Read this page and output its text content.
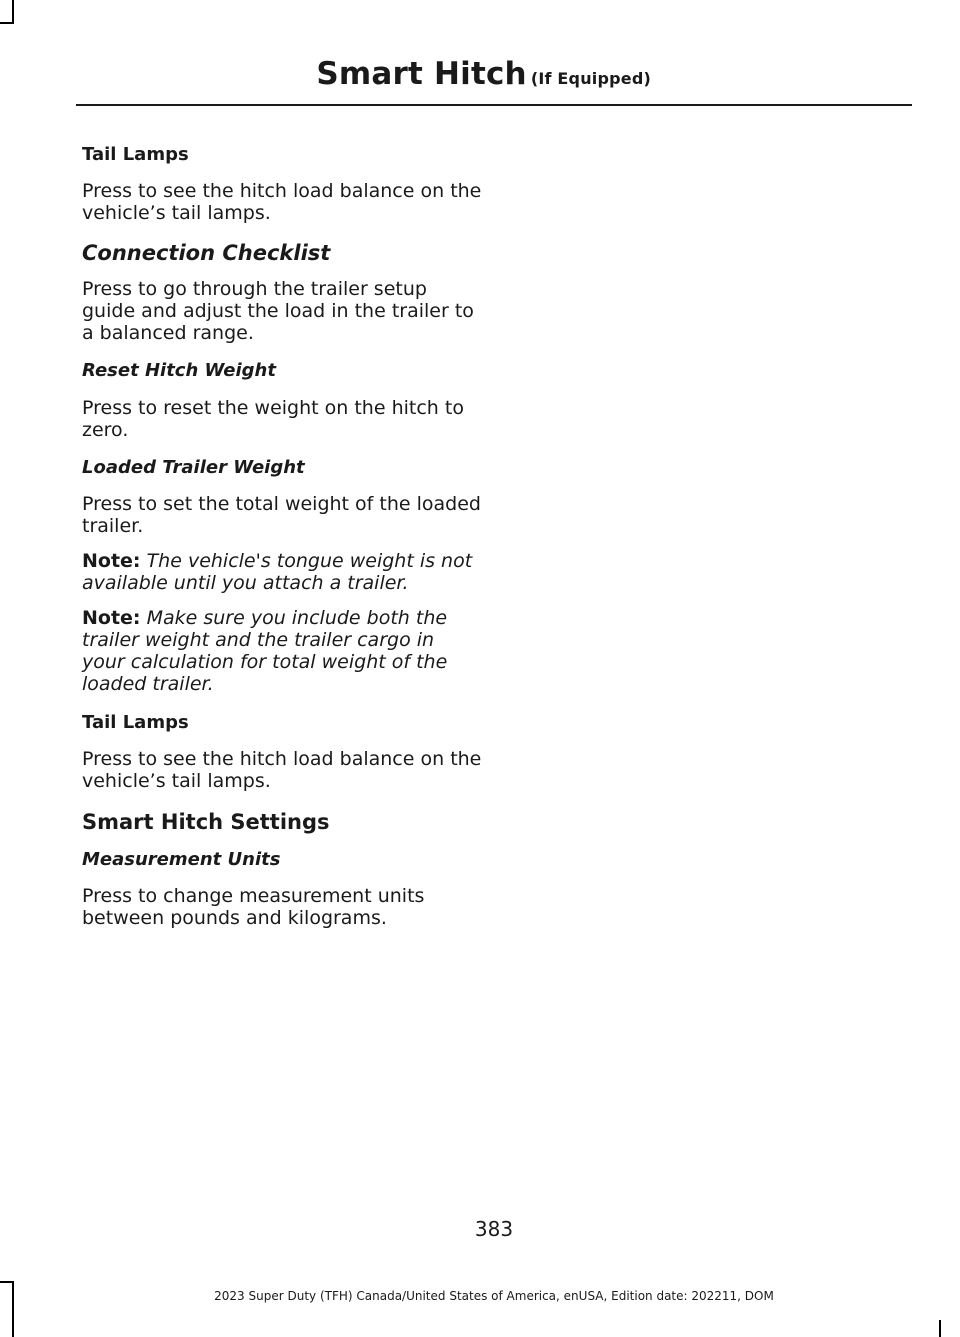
Smart Hitch (If Equipped)

Tail Lamps

Press to see the hitch load balance on the vehicle’s tail lamps.

Connection Checklist

Press to go through the trailer setup guide and adjust the load in the trailer to a balanced range.

Reset Hitch Weight

Press to reset the weight on the hitch to zero.

Loaded Trailer Weight

Press to set the total weight of the loaded trailer.

Note: The vehicle's tongue weight is not available until you attach a trailer.

Note: Make sure you include both the trailer weight and the trailer cargo in your calculation for total weight of the loaded trailer.

Tail Lamps

Press to see the hitch load balance on the vehicle’s tail lamps.

Smart Hitch Settings

Measurement Units

Press to change measurement units between pounds and kilograms.

383
2023 Super Duty (TFH) Canada/United States of America, enUSA, Edition date: 202211, DOM
